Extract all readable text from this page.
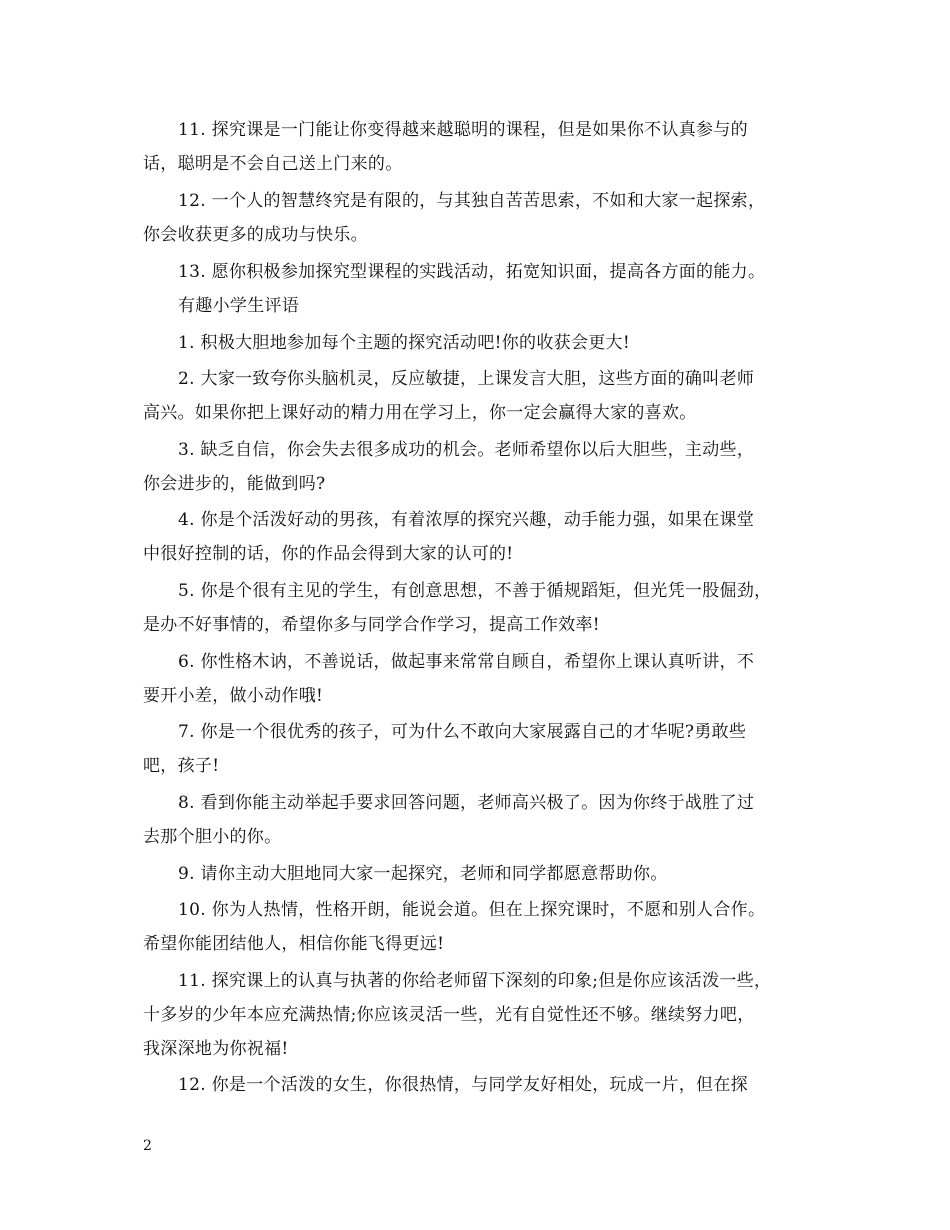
11. 探究课是一门能让你变得越来越聪明的课程，但是如果你不认真参与的
话，聪明是不会自己送上门来的。
12. 一个人的智慧终究是有限的，与其独自苦苦思索，不如和大家一起探索，
你会收获更多的成功与快乐。
13. 愿你积极参加探究型课程的实践活动，拓宽知识面，提高各方面的能力。
有趣小学生评语
1. 积极大胆地参加每个主题的探究活动吧!你的收获会更大!
2. 大家一致夸你头脑机灵，反应敏捷，上课发言大胆，这些方面的确叫老师
高兴。如果你把上课好动的精力用在学习上，你一定会赢得大家的喜欢。
3. 缺乏自信，你会失去很多成功的机会。老师希望你以后大胆些，主动些，
你会进步的，能做到吗?
4. 你是个活泼好动的男孩，有着浓厚的探究兴趣，动手能力强，如果在课堂
中很好控制的话，你的作品会得到大家的认可的!
5. 你是个很有主见的学生，有创意思想，不善于循规蹈矩，但光凭一股倔劲，
是办不好事情的，希望你多与同学合作学习，提高工作效率!
6. 你性格木讷，不善说话，做起事来常常自顾自，希望你上课认真听讲，不
要开小差，做小动作哦!
7. 你是一个很优秀的孩子，可为什么不敢向大家展露自己的才华呢?勇敢些
吧，孩子!
8. 看到你能主动举起手要求回答问题，老师高兴极了。因为你终于战胜了过
去那个胆小的你。
9. 请你主动大胆地同大家一起探究，老师和同学都愿意帮助你。
10. 你为人热情，性格开朗，能说会道。但在上探究课时，不愿和别人合作。
希望你能团结他人，相信你能飞得更远!
11. 探究课上的认真与执著的你给老师留下深刻的印象;但是你应该活泼一些，
十多岁的少年本应充满热情;你应该灵活一些，光有自觉性还不够。继续努力吧，
我深深地为你祝福!
12. 你是一个活泼的女生，你很热情，与同学友好相处，玩成一片，但在探
2
